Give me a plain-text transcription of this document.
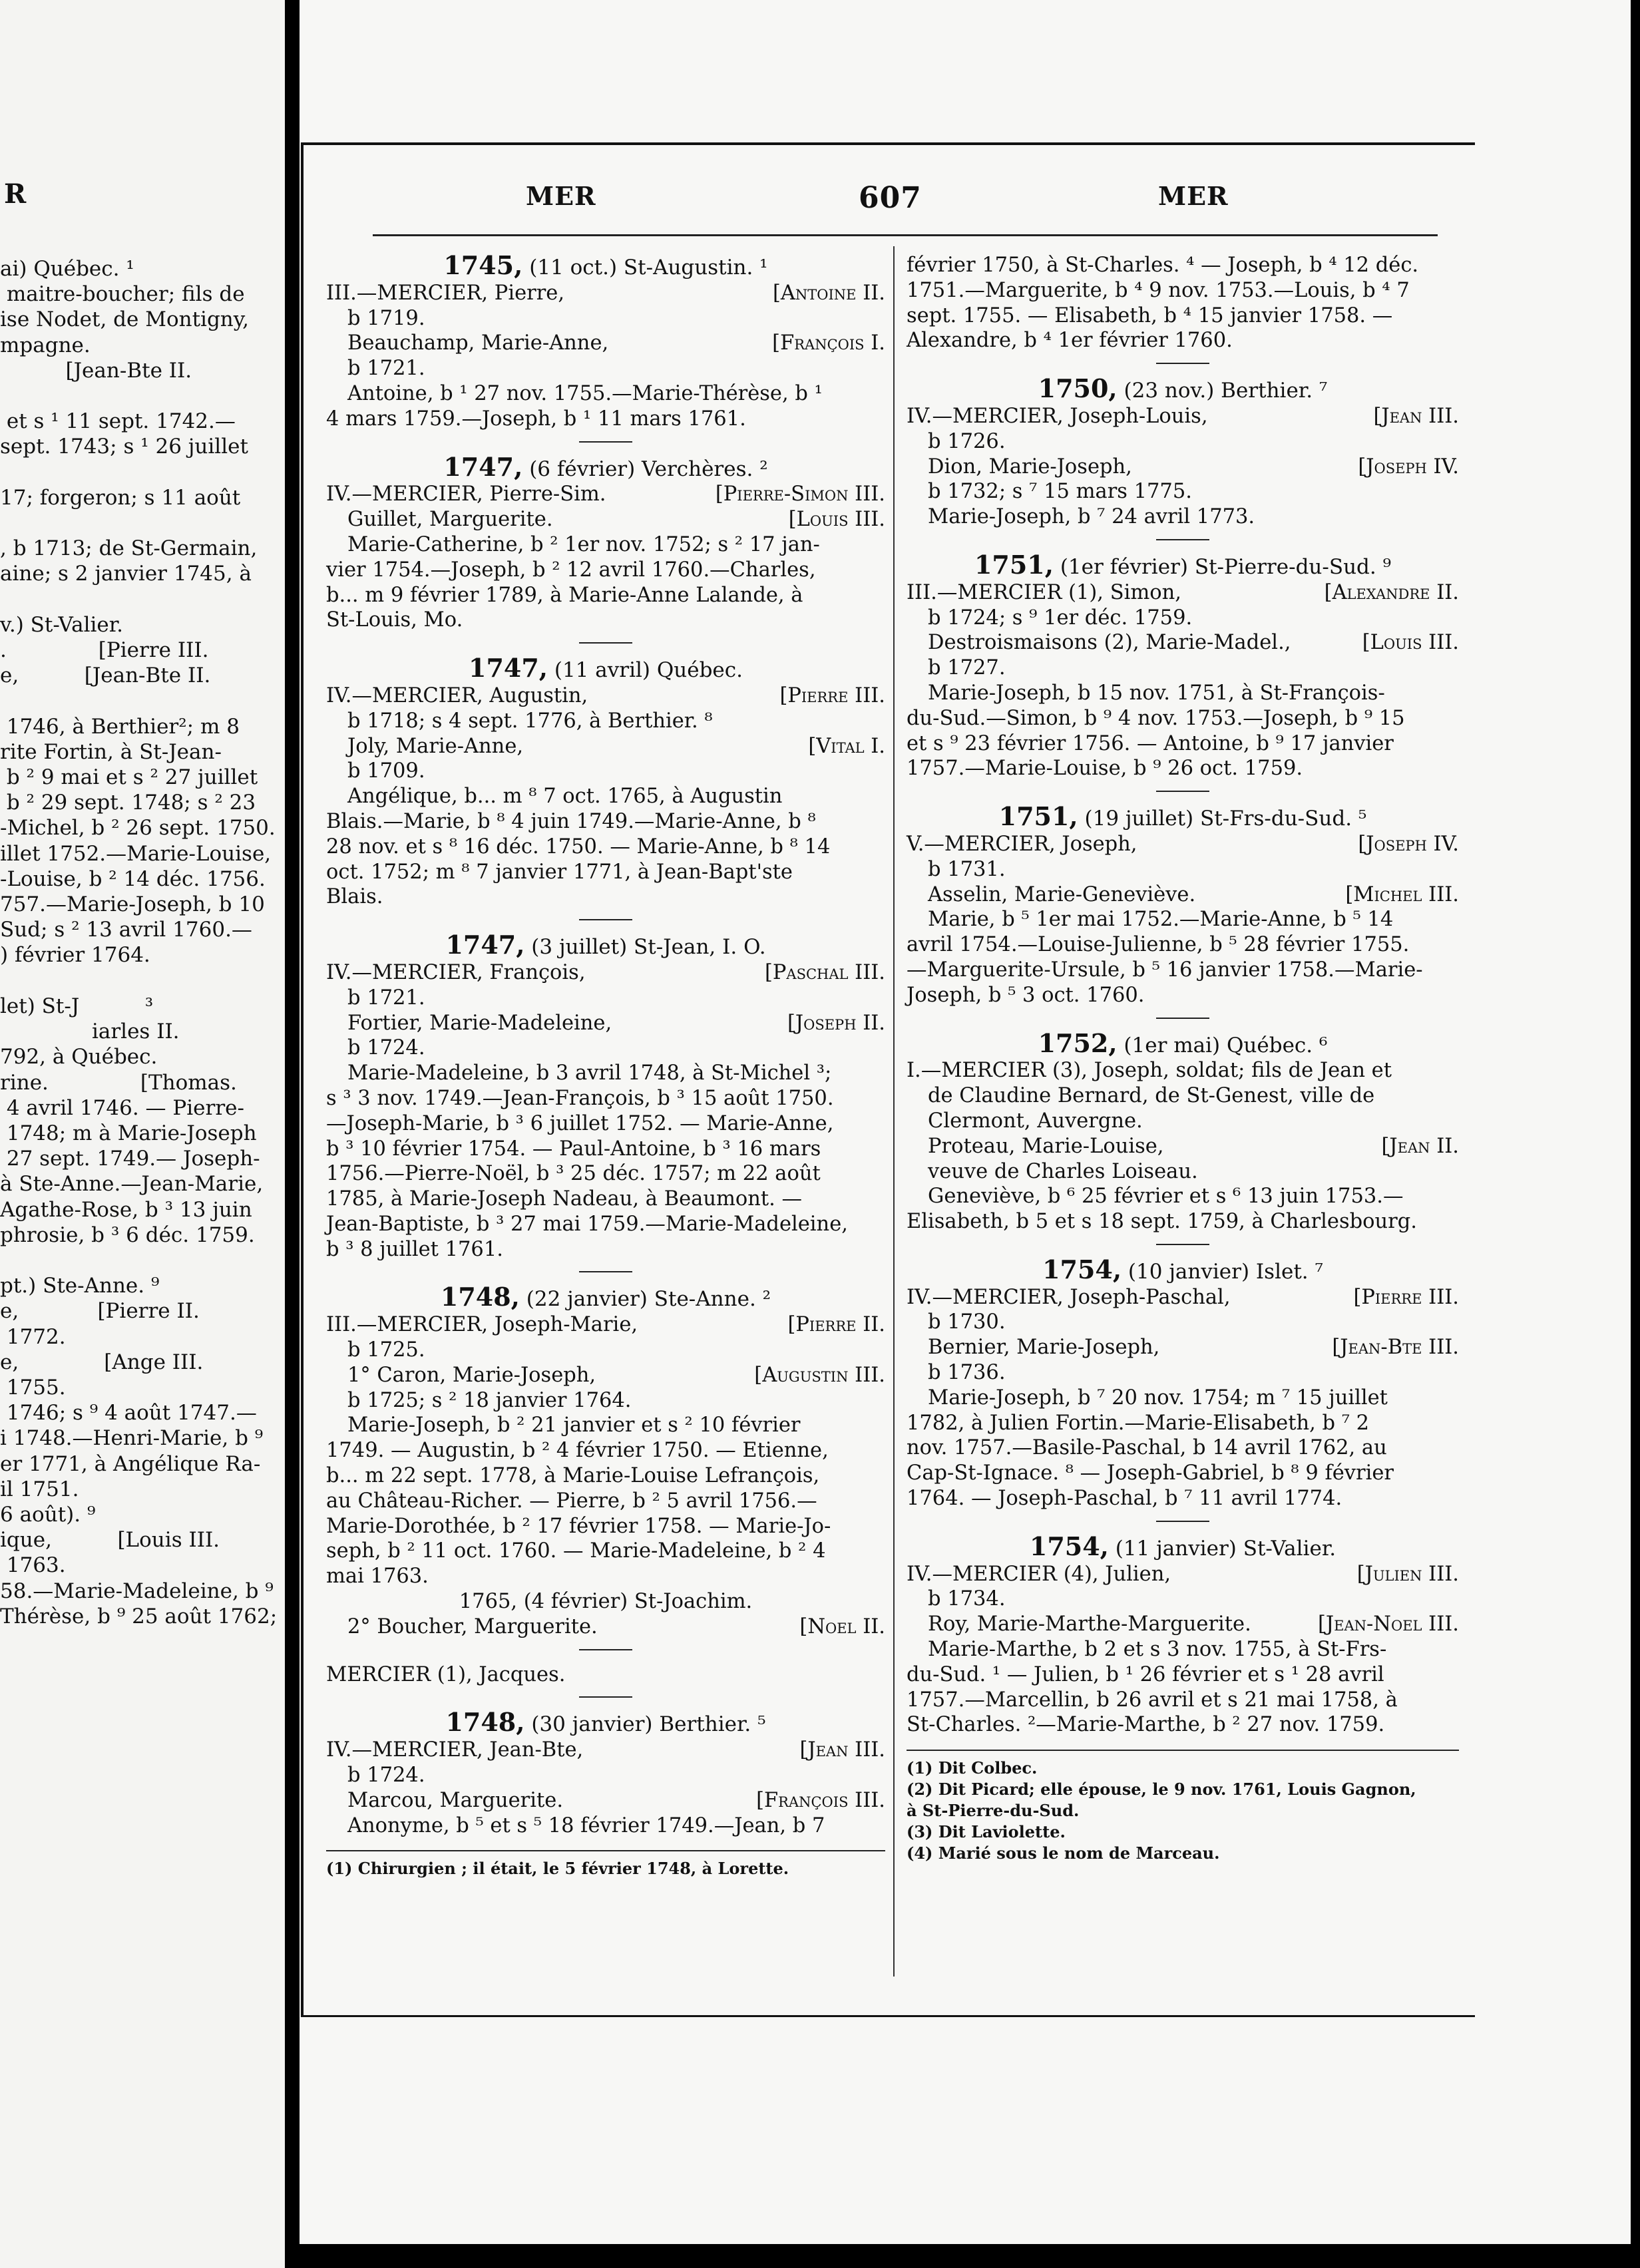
R
ai) Québec. ¹
maitre-boucher; fils de
ise Nodet, de Montigny,
mpagne.
[Jean-Bte II.

et s ¹ 11 sept. 1742.—
sept. 1743; s ¹ 26 juillet

17; forgeron; s 11 août

, b 1713; de St-Germain,
aine; s 2 janvier 1745, à

v.) St-Valier.
.              [Pierre III.
e,          [Jean-Bte II.

1746, à Berthier²; m 8
rite Fortin, à St-Jean-
b ² 9 mai et s ² 27 juillet
b ² 29 sept. 1748; s ² 23
-Michel, b ² 26 sept. 1750.
illet 1752.—Marie-Louise,
-Louise, b ² 14 déc. 1756.
757.—Marie-Joseph, b 10
Sud; s ² 13 avril 1760.—
) février 1764.

let) St-J          ³
iarles II.
792, à Québec.
rine.              [Thomas.
4 avril 1746. — Pierre-
1748; m à Marie-Joseph
27 sept. 1749.— Joseph-
à Ste-Anne.—Jean-Marie,
Agathe-Rose, b ³ 13 juin
phrosie, b ³ 6 déc. 1759.

pt.) Ste-Anne. ⁹
e,            [Pierre II.
1772.
e,             [Ange III.
1755.
1746; s ⁹ 4 août 1747.—
i 1748.—Henri-Marie, b ⁹
er 1771, à Angélique Ra-
il 1751.
6 août). ⁹
ique,          [Louis III.
1763.
58.—Marie-Madeleine, b ⁹
Thérèse, b ⁹ 25 août 1762;
MER	607	MER
1745, (11 oct.) St-Augustin. ¹
[Antoine II.
III.—MERCIER, Pierre,
b 1719.
[François I.
Beauchamp, Marie-Anne,
b 1721.
Antoine, b ¹ 27 nov. 1755.—Marie-Thérèse, b ¹
4 mars 1759.—Joseph, b ¹ 11 mars 1761.
1747, (6 février) Verchères. ²
[Pierre-Simon III.
IV.—MERCIER, Pierre-Sim.
[Louis III.
Guillet, Marguerite.
Marie-Catherine, b ² 1er nov. 1752; s ² 17 jan-
vier 1754.—Joseph, b ² 12 avril 1760.—Charles,
b... m 9 février 1789, à Marie-Anne Lalande, à
St-Louis, Mo.
1747, (11 avril) Québec.
[Pierre III.
IV.—MERCIER, Augustin,
b 1718; s 4 sept. 1776, à Berthier. ⁸
[Vital I.
Joly, Marie-Anne,
b 1709.
Angélique, b... m ⁸ 7 oct. 1765, à Augustin
Blais.—Marie, b ⁸ 4 juin 1749.—Marie-Anne, b ⁸
28 nov. et s ⁸ 16 déc. 1750. — Marie-Anne, b ⁸ 14
oct. 1752; m ⁸ 7 janvier 1771, à Jean-Bapt'ste
Blais.
1747, (3 juillet) St-Jean, I. O.
[Paschal III.
IV.—MERCIER, François,
b 1721.
[Joseph II.
Fortier, Marie-Madeleine,
b 1724.
Marie-Madeleine, b 3 avril 1748, à St-Michel ³;
s ³ 3 nov. 1749.—Jean-François, b ³ 15 août 1750.
—Joseph-Marie, b ³ 6 juillet 1752. — Marie-Anne,
b ³ 10 février 1754. — Paul-Antoine, b ³ 16 mars
1756.—Pierre-Noël, b ³ 25 déc. 1757; m 22 août
1785, à Marie-Joseph Nadeau, à Beaumont. —
Jean-Baptiste, b ³ 27 mai 1759.—Marie-Madeleine,
b ³ 8 juillet 1761.
1748, (22 janvier) Ste-Anne. ²
[Pierre II.
III.—MERCIER, Joseph-Marie,
b 1725.
[Augustin III.
1° Caron, Marie-Joseph,
b 1725; s ² 18 janvier 1764.
Marie-Joseph, b ² 21 janvier et s ² 10 février
1749. — Augustin, b ² 4 février 1750. — Etienne,
b... m 22 sept. 1778, à Marie-Louise Lefrançois,
au Château-Richer. — Pierre, b ² 5 avril 1756.—
Marie-Dorothée, b ² 17 février 1758. — Marie-Jo-
seph, b ² 11 oct. 1760. — Marie-Madeleine, b ² 4
mai 1763.
1765, (4 février) St-Joachim.
[Noel II.
2° Boucher, Marguerite.
MERCIER (1), Jacques.
1748, (30 janvier) Berthier. ⁵
[Jean III.
IV.—MERCIER, Jean-Bte,
b 1724.
[François III.
Marcou, Marguerite.
Anonyme, b ⁵ et s ⁵ 18 février 1749.—Jean, b 7
(1) Chirurgien ; il était, le 5 février 1748, à Lorette.
février 1750, à St-Charles. ⁴ — Joseph, b ⁴ 12 déc.
1751.—Marguerite, b ⁴ 9 nov. 1753.—Louis, b ⁴ 7
sept. 1755. — Elisabeth, b ⁴ 15 janvier 1758. —
Alexandre, b ⁴ 1er février 1760.
1750, (23 nov.) Berthier. ⁷
[Jean III.
IV.—MERCIER, Joseph-Louis,
b 1726.
[Joseph IV.
Dion, Marie-Joseph,
b 1732; s ⁷ 15 mars 1775.
Marie-Joseph, b ⁷ 24 avril 1773.
1751, (1er février) St-Pierre-du-Sud. ⁹
[Alexandre II.
III.—MERCIER (1), Simon,
b 1724; s ⁹ 1er déc. 1759.
[Louis III.
Destroismaisons (2), Marie-Madel.,
b 1727.
Marie-Joseph, b 15 nov. 1751, à St-François-
du-Sud.—Simon, b ⁹ 4 nov. 1753.—Joseph, b ⁹ 15
et s ⁹ 23 février 1756. — Antoine, b ⁹ 17 janvier
1757.—Marie-Louise, b ⁹ 26 oct. 1759.
1751, (19 juillet) St-Frs-du-Sud. ⁵
[Joseph IV.
V.—MERCIER, Joseph,
b 1731.
[Michel III.
Asselin, Marie-Geneviève.
Marie, b ⁵ 1er mai 1752.—Marie-Anne, b ⁵ 14
avril 1754.—Louise-Julienne, b ⁵ 28 février 1755.
—Marguerite-Ursule, b ⁵ 16 janvier 1758.—Marie-
Joseph, b ⁵ 3 oct. 1760.
1752, (1er mai) Québec. ⁶
I.—MERCIER (3), Joseph, soldat; fils de Jean et
de Claudine Bernard, de St-Genest, ville de
Clermont, Auvergne.
[Jean II.
Proteau, Marie-Louise,
veuve de Charles Loiseau.
Geneviève, b ⁶ 25 février et s ⁶ 13 juin 1753.—
Elisabeth, b 5 et s 18 sept. 1759, à Charlesbourg.
1754, (10 janvier) Islet. ⁷
[Pierre III.
IV.—MERCIER, Joseph-Paschal,
b 1730.
[Jean-Bte III.
Bernier, Marie-Joseph,
b 1736.
Marie-Joseph, b ⁷ 20 nov. 1754; m ⁷ 15 juillet
1782, à Julien Fortin.—Marie-Elisabeth, b ⁷ 2
nov. 1757.—Basile-Paschal, b 14 avril 1762, au
Cap-St-Ignace. ⁸ — Joseph-Gabriel, b ⁸ 9 février
1764. — Joseph-Paschal, b ⁷ 11 avril 1774.
1754, (11 janvier) St-Valier.
[Julien III.
IV.—MERCIER (4), Julien,
b 1734.
[Jean-Noel III.
Roy, Marie-Marthe-Marguerite.
Marie-Marthe, b 2 et s 3 nov. 1755, à St-Frs-
du-Sud. ¹ — Julien, b ¹ 26 février et s ¹ 28 avril
1757.—Marcellin, b 26 avril et s 21 mai 1758, à
St-Charles. ²—Marie-Marthe, b ² 27 nov. 1759.
(1) Dit Colbec.
(2) Dit Picard; elle épouse, le 9 nov. 1761, Louis Gagnon,
à St-Pierre-du-Sud.
(3) Dit Laviolette.
(4) Marié sous le nom de Marceau.
